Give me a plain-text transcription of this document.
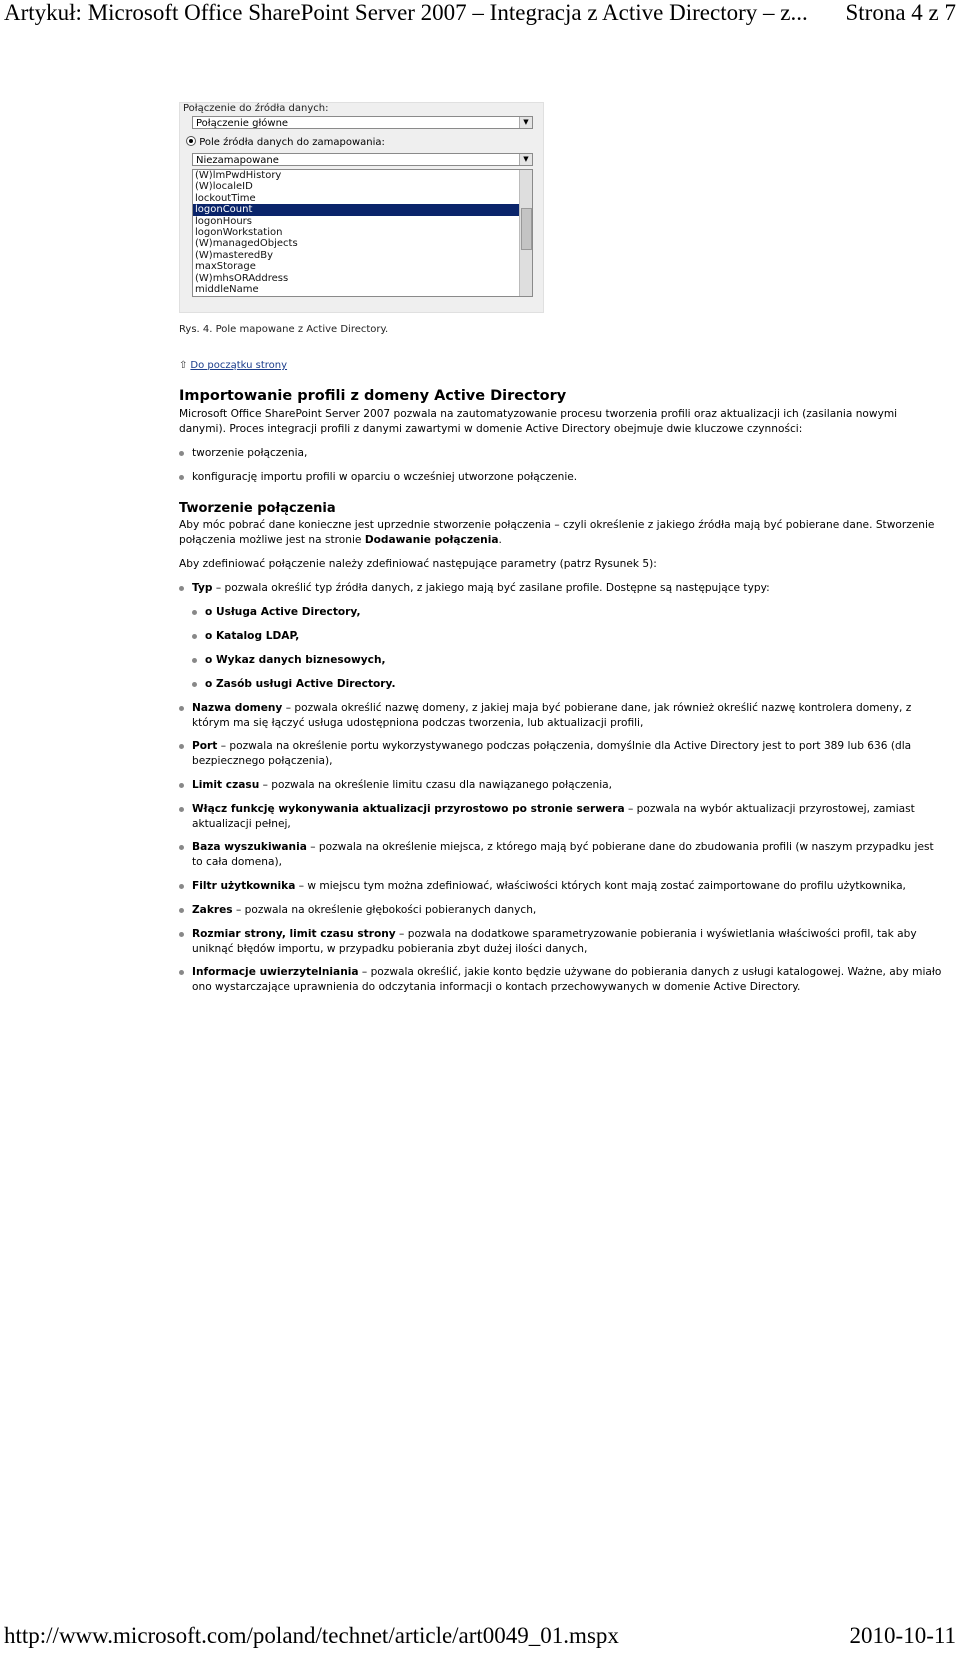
Artykuł: Microsoft Office SharePoint Server 2007 – Integracja z Active Directory – z... Strona 4 z 7
Połączenie do źródła danych:
Połączenie główne	▼
Pole źródła danych do zamapowania:
Niezamapowane	▼
(W)lmPwdHistory
(W)localeID
lockoutTime
logonCount
logonHours
logonWorkstation
(W)managedObjects
(W)masteredBy
maxStorage
(W)mhsORAddress
middleName
Rys. 4. Pole mapowane z Active Directory.
⇧ Do początku strony
Importowanie profili z domeny Active Directory
Microsoft Office SharePoint Server 2007 pozwala na zautomatyzowanie procesu tworzenia profili oraz aktualizacji ich (zasilania nowymi danymi). Proces integracji profili z danymi zawartymi w domenie Active Directory obejmuje dwie kluczowe czynności:
tworzenie połączenia,
konfigurację importu profili w oparciu o wcześniej utworzone połączenie.
Tworzenie połączenia
Aby móc pobrać dane konieczne jest uprzednie stworzenie połączenia – czyli określenie z jakiego źródła mają być pobierane dane. Stworzenie połączenia możliwe jest na stronie Dodawanie połączenia.
Aby zdefiniować połączenie należy zdefiniować następujące parametry (patrz Rysunek 5):
Typ – pozwala określić typ źródła danych, z jakiego mają być zasilane profile. Dostępne są następujące typy:
o Usługa Active Directory,
o Katalog LDAP,
o Wykaz danych biznesowych,
o Zasób usługi Active Directory.
Nazwa domeny – pozwala określić nazwę domeny, z jakiej maja być pobierane dane, jak również określić nazwę kontrolera domeny, z którym ma się łączyć usługa udostępniona podczas tworzenia, lub aktualizacji profili,
Port – pozwala na określenie portu wykorzystywanego podczas połączenia, domyślnie dla Active Directory jest to port 389 lub 636 (dla bezpiecznego połączenia),
Limit czasu – pozwala na określenie limitu czasu dla nawiązanego połączenia,
Włącz funkcję wykonywania aktualizacji przyrostowo po stronie serwera – pozwala na wybór aktualizacji przyrostowej, zamiast aktualizacji pełnej,
Baza wyszukiwania – pozwala na określenie miejsca, z którego mają być pobierane dane do zbudowania profili (w naszym przypadku jest to cała domena),
Filtr użytkownika – w miejscu tym można zdefiniować, właściwości których kont mają zostać zaimportowane do profilu użytkownika,
Zakres – pozwala na określenie głębokości pobieranych danych,
Rozmiar strony, limit czasu strony – pozwala na dodatkowe sparametryzowanie pobierania i wyświetlania właściwości profil, tak aby uniknąć błędów importu, w przypadku pobierania zbyt dużej ilości danych,
Informacje uwierzytelniania – pozwala określić, jakie konto będzie używane do pobierania danych z usługi katalogowej. Ważne, aby miało ono wystarczające uprawnienia do odczytania informacji o kontach przechowywanych w domenie Active Directory.
http://www.microsoft.com/poland/technet/article/art0049_01.mspx	2010-10-11
